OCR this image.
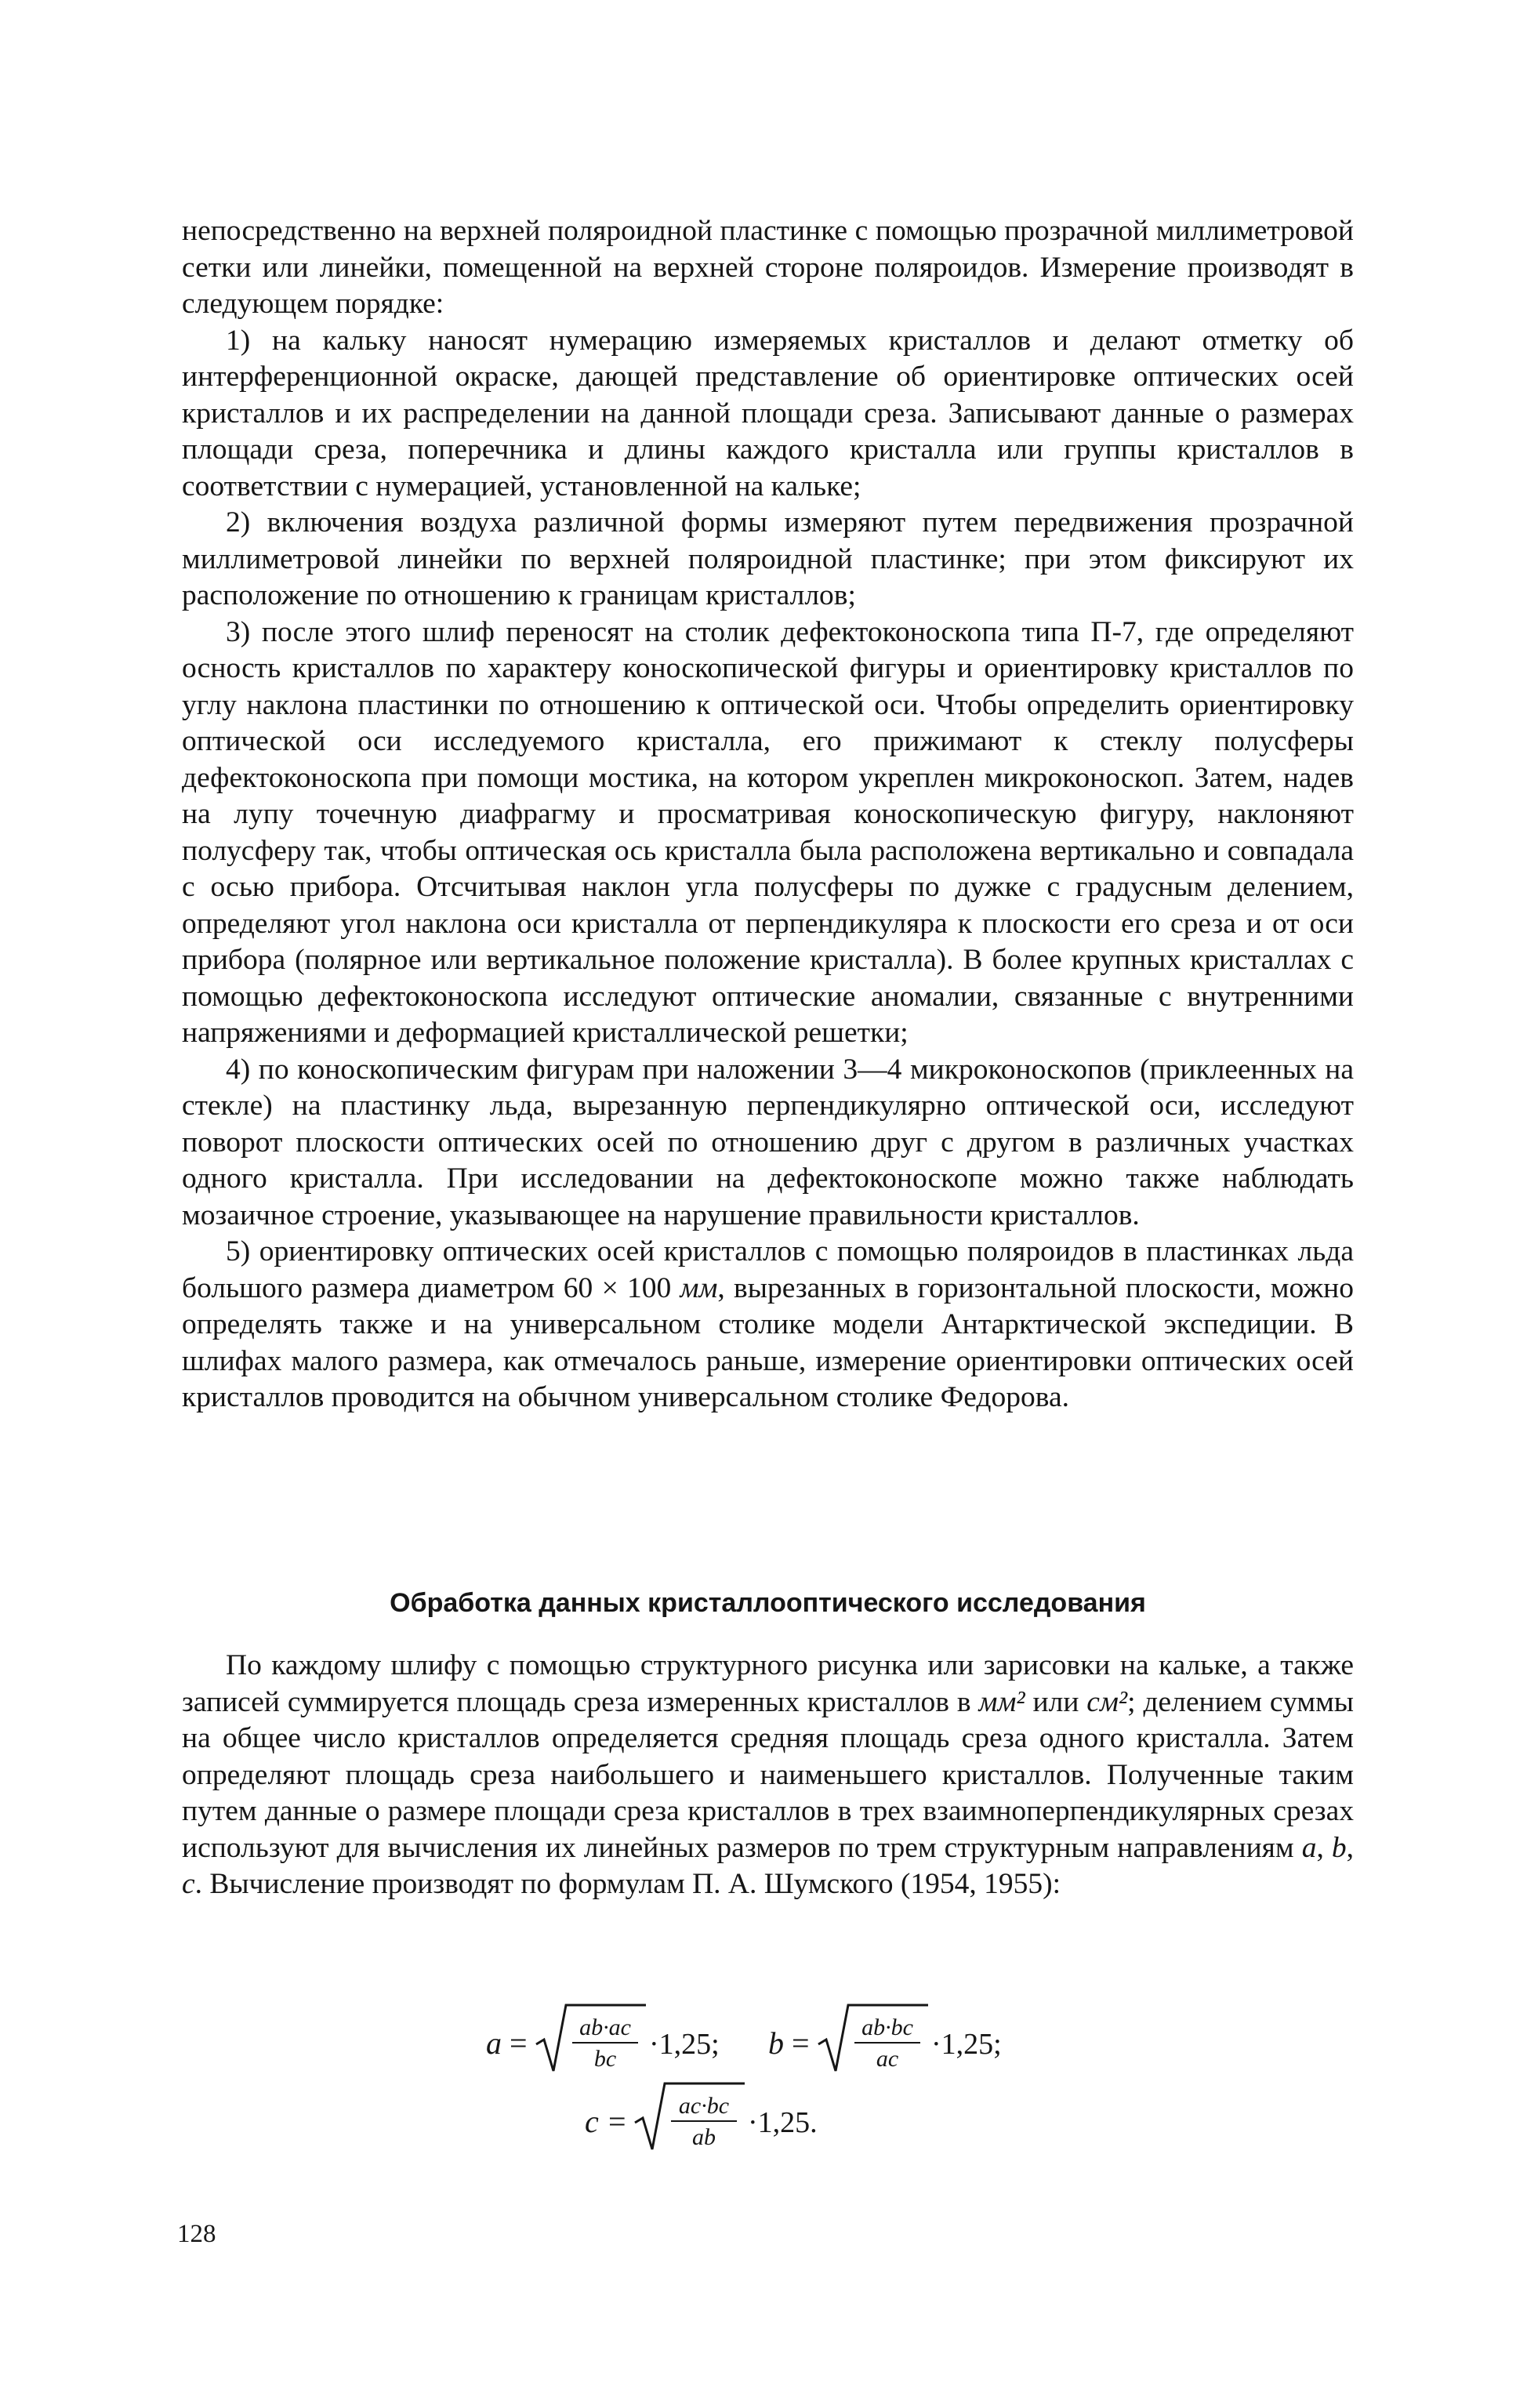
непосредственно на верхней поляроидной пластинке с помощью прозрачной миллиметровой сетки или линейки, помещенной на верхней стороне поляроидов. Измерение производят в следующем порядке:

1) на кальку наносят нумерацию измеряемых кристаллов и делают отметку об интерференционной окраске, дающей представление об ориентировке оптических осей кристаллов и их распределении на данной площади среза. Записывают данные о размерах площади среза, поперечника и длины каждого кристалла или группы кристаллов в соответствии с нумерацией, установленной на кальке;

2) включения воздуха различной формы измеряют путем передвижения прозрачной миллиметровой линейки по верхней поляроидной пластинке; при этом фиксируют их расположение по отношению к границам кристаллов;

3) после этого шлиф переносят на столик дефектоконоскопа типа П-7, где определяют осность кристаллов по характеру коноскопической фигуры и ориентировку кристаллов по углу наклона пластинки по отношению к оптической оси. Чтобы определить ориентировку оптической оси исследуемого кристалла, его прижимают к стеклу полусферы дефектоконоскопа при помощи мостика, на котором укреплен микроконоскоп. Затем, надев на лупу точечную диафрагму и просматривая коноскопическую фигуру, наклоняют полусферу так, чтобы оптическая ось кристалла была расположена вертикально и совпадала с осью прибора. Отсчитывая наклон угла полусферы по дужке с градусным делением, определяют угол наклона оси кристалла от перпендикуляра к плоскости его среза и от оси прибора (полярное или вертикальное положение кристалла). В более крупных кристаллах с помощью дефектоконоскопа исследуют оптические аномалии, связанные с внутренними напряжениями и деформацией кристаллической решетки;

4) по коноскопическим фигурам при наложении 3—4 микроконоскопов (приклеенных на стекле) на пластинку льда, вырезанную перпендикулярно оптической оси, исследуют поворот плоскости оптических осей по отношению друг с другом в различных участках одного кристалла. При исследовании на дефектоконоскопе можно также наблюдать мозаичное строение, указывающее на нарушение правильности кристаллов.

5) ориентировку оптических осей кристаллов с помощью поляроидов в пластинках льда большого размера диаметром 60 × 100 мм, вырезанных в горизонтальной плоскости, можно определять также и на универсальном столике модели Антарктической экспедиции. В шлифах малого размера, как отмечалось раньше, измерение ориентировки оптических осей кристаллов проводится на обычном универсальном столике Федорова.

Обработка данных кристаллооптического исследования

По каждому шлифу с помощью структурного рисунка или зарисовки на кальке, а также записей суммируется площадь среза измеренных кристаллов в мм² или см²; делением суммы на общее число кристаллов определяется средняя площадь среза одного кристалла. Затем определяют площадь среза наибольшего и наименьшего кристаллов. Полученные таким путем данные о размере площади среза кристаллов в трех взаимноперпендикулярных срезах используют для вычисления их линейных размеров по трем структурным направлениям a, b, c. Вычисление производят по формулам П. А. Шумского (1954, 1955):

a = ab·ac
bc ·1,25; b = ab·bc
ac ·1,25;
c = ac·bc
ab ·1,25.

128
